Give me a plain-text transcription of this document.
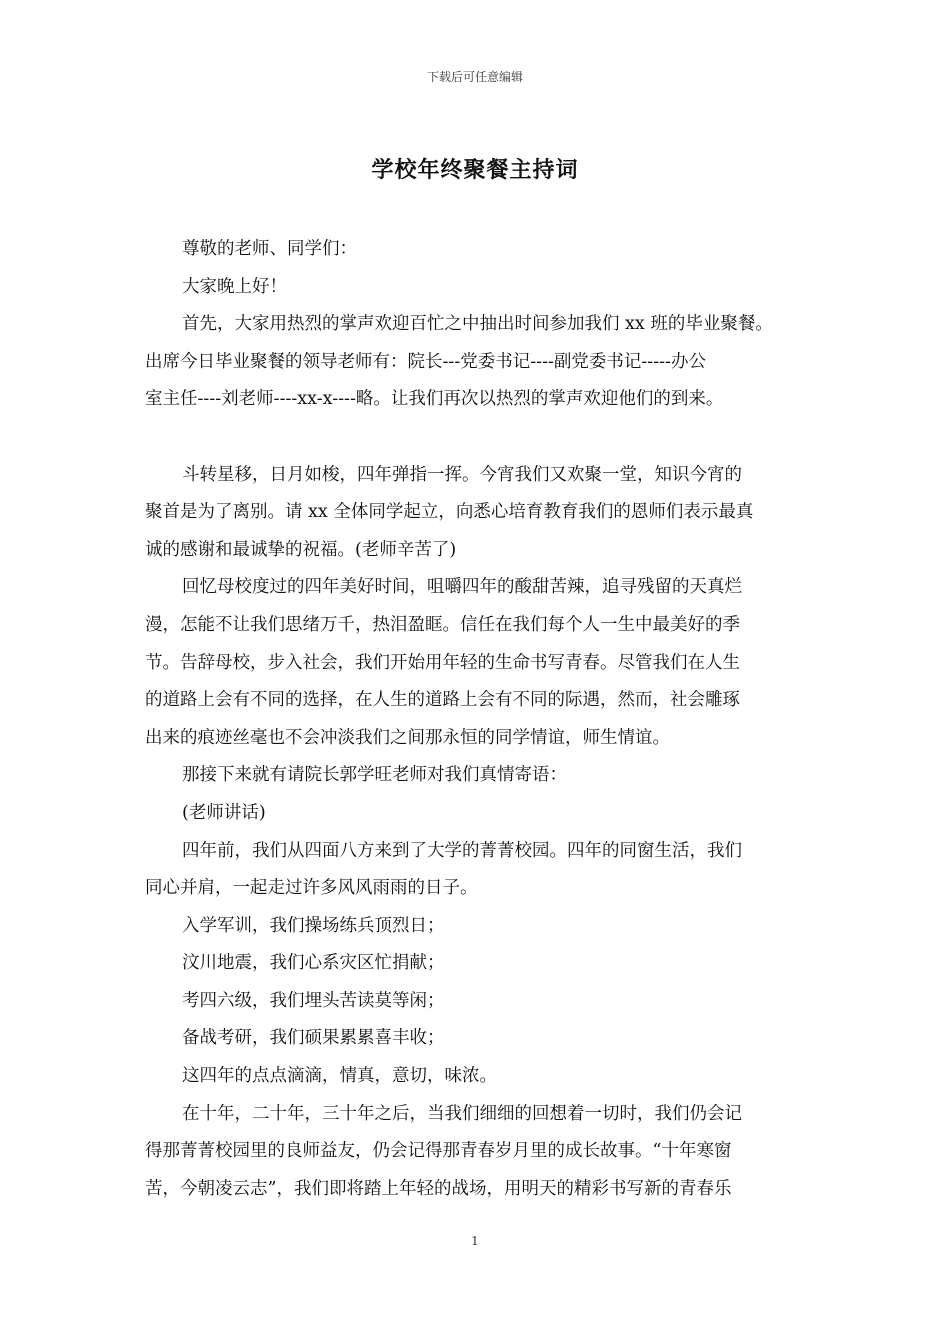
下载后可任意编辑
学校年终聚餐主持词
尊敬的老师、同学们：
大家晚上好！
首先，大家用热烈的掌声欢迎百忙之中抽出时间参加我们 xx 班的毕业聚餐。
出席今日毕业聚餐的领导老师有：院长---党委书记----副党委书记-----办公
室主任----刘老师----xx-x----略。让我们再次以热烈的掌声欢迎他们的到来。
斗转星移，日月如梭，四年弹指一挥。今宵我们又欢聚一堂，知识今宵的
聚首是为了离别。请 xx 全体同学起立，向悉心培育教育我们的恩师们表示最真
诚的感谢和最诚挚的祝福。(老师辛苦了)
回忆母校度过的四年美好时间，咀嚼四年的酸甜苦辣，追寻残留的天真烂
漫，怎能不让我们思绪万千，热泪盈眶。信任在我们每个人一生中最美好的季
节。告辞母校，步入社会，我们开始用年轻的生命书写青春。尽管我们在人生
的道路上会有不同的选择，在人生的道路上会有不同的际遇，然而，社会雕琢
出来的痕迹丝毫也不会冲淡我们之间那永恒的同学情谊，师生情谊。
那接下来就有请院长郭学旺老师对我们真情寄语：
(老师讲话)
四年前，我们从四面八方来到了大学的菁菁校园。四年的同窗生活，我们
同心并肩，一起走过许多风风雨雨的日子。
入学军训，我们操场练兵顶烈日；
汶川地震，我们心系灾区忙捐献；
考四六级，我们埋头苦读莫等闲；
备战考研，我们硕果累累喜丰收；
这四年的点点滴滴，情真，意切，味浓。
在十年，二十年，三十年之后，当我们细细的回想着一切时，我们仍会记
得那菁菁校园里的良师益友，仍会记得那青春岁月里的成长故事。“十年寒窗
苦，今朝凌云志”，我们即将踏上年轻的战场，用明天的精彩书写新的青春乐
1
